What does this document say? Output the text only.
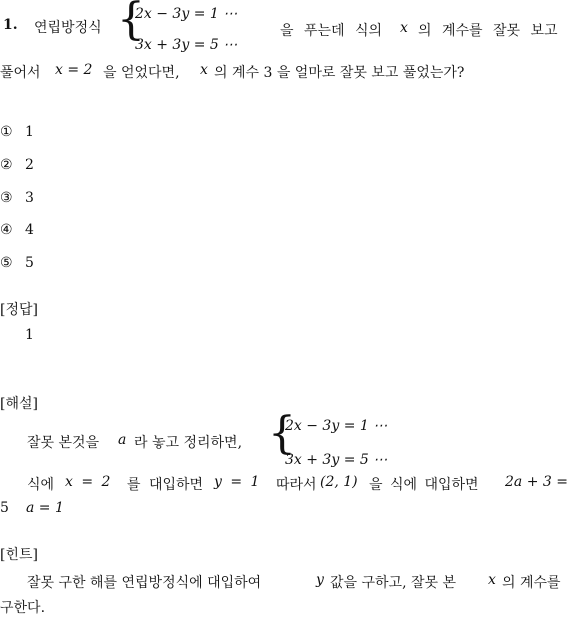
1. 연립방정식 {
2x − 3y = 1 ⋯
3x + 3y = 5 ⋯
을 푸는데 식의 x 의 계수를 잘못 보고
풀어서 x = 2 을 얻었다면, x 의 계수 3 을 얼마로 잘못 보고 풀었는가?
① 1
② 2
③ 3
④ 4
⑤ 5
[정답]
1
[해설]
잘못 본것을 a 라 놓고 정리하면, {
2x − 3y = 1 ⋯
3x + 3y = 5 ⋯
식에 x = 2 를 대입하면 y = 1 따라서 (2, 1) 을 식에 대입하면 2a + 3 =
5 a = 1
[힌트]
잘못 구한 해를 연립방정식에 대입하여	y 값을 구하고, 잘못 본 x 의 계수를
구한다.
